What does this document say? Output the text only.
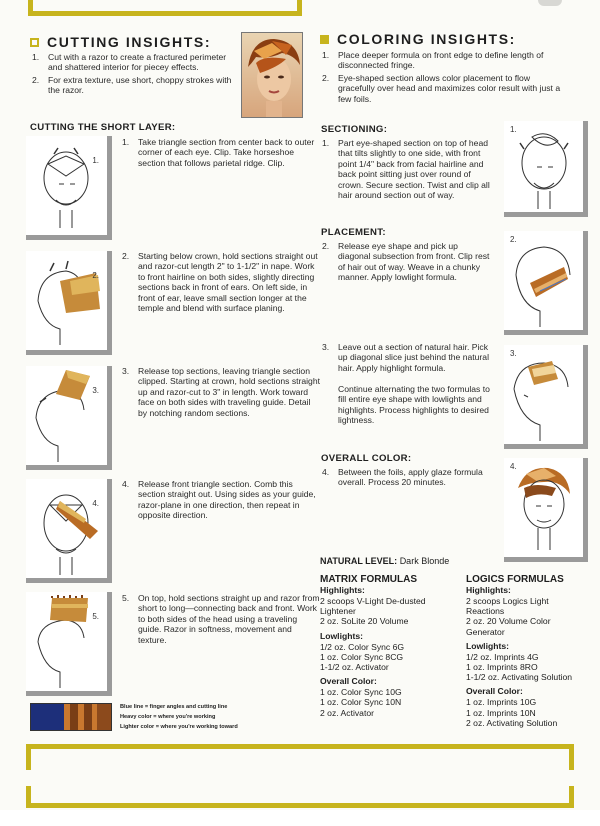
CUTTING INSIGHTS:
1.	Cut with a razor to create a fractured perimeter and shattered interior for piecey effects.
2.	For extra texture, use short, choppy strokes with the razor.
CUTTING THE SHORT LAYER:
1.
1.	Take triangle section from center back to outer corner of each eye. Clip. Take horseshoe section that follows parietal ridge. Clip.
2.
2.	Starting below crown, hold sections straight out and razor-cut length 2" to 1-1/2" in nape. Work to front hairline on both sides, slightly directing sections back in front of ears. On left side, in front of ear, leave small section longer at the temple and blend with surface planing.
3.
3.	Release top sections, leaving triangle section clipped. Starting at crown, hold sections straight up and razor-cut to 3" in length. Work toward face on both sides with traveling guide. Detail by notching random sections.
4.
4.	Release front triangle section. Comb this section straight out. Using sides as your guide, razor-plane in one direction, then repeat in opposite direction.
5.
5.	On top, hold sections straight up and razor from short to long—connecting back and front. Work to both sides of the head using a traveling guide. Razor in softness, movement and texture.
Blue line = finger angles and cutting line
Heavy color = where you're working
Lighter color = where you're working toward
COLORING INSIGHTS:
1.	Place deeper formula on front edge to define length of disconnected fringe.
2.	Eye-shaped section allows color placement to flow gracefully over head and maximizes color result with just a few foils.
SECTIONING:
1.	Part eye-shaped section on top of head that tilts slightly to one side, with front point 1/4" back from facial hairline and back point sitting just over round of crown. Secure section. Twist and clip all hair around section out of way.
1.
PLACEMENT:
2.	Release eye shape and pick up diagonal subsection from front. Clip rest of hair out of way. Weave in a chunky manner. Apply lowlight formula.
2.
3.	Leave out a section of natural hair. Pick up diagonal slice just behind the natural hair. Apply highlight formula.
Continue alternating the two formulas to fill entire eye shape with lowlights and highlights. Process highlights to desired lightness.
3.
OVERALL COLOR:
4.	Between the foils, apply glaze formula overall. Process 20 minutes.
4.
NATURAL LEVEL: Dark Blonde
MATRIX FORMULAS
Highlights:
2 scoops V-Light De-dusted
Lightener
2 oz. SoLite 20 Volume
Lowlights:
1/2 oz. Color Sync 6G
1 oz. Color Sync 8CG
1-1/2 oz. Activator
Overall Color:
1 oz. Color Sync 10G
1 oz. Color Sync 10N
2 oz. Activator
LOGICS FORMULAS
Highlights:
2 scoops Logics Light
Reactions
2 oz. 20 Volume Color
Generator
Lowlights:
1/2 oz. Imprints 4G
1 oz. Imprints 8RO
1-1/2 oz. Activating Solution
Overall Color:
1 oz. Imprints 10G
1 oz. Imprints 10N
2 oz. Activating Solution
